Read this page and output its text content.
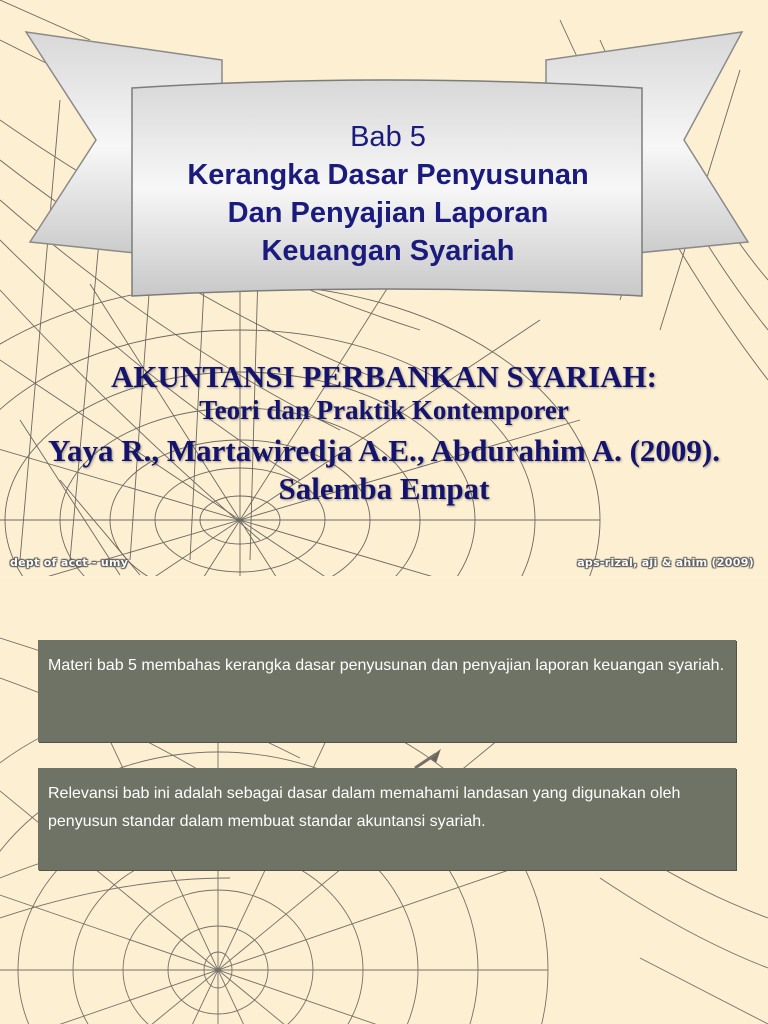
Bab 5
Kerangka Dasar Penyusunan
Dan Penyajian Laporan
Keuangan Syariah
AKUNTANSI PERBANKAN SYARIAH:
Teori dan Praktik Kontemporer
Yaya R., Martawiredja A.E., Abdurahim A. (2009). Salemba Empat
dept of acct - umy	aps-rizal, aji & ahim (2009)
Materi bab 5 membahas kerangka dasar penyusunan dan penyajian laporan keuangan syariah.
Relevansi bab ini adalah sebagai dasar dalam memahami landasan yang digunakan oleh penyusun standar dalam membuat standar akuntansi syariah.
